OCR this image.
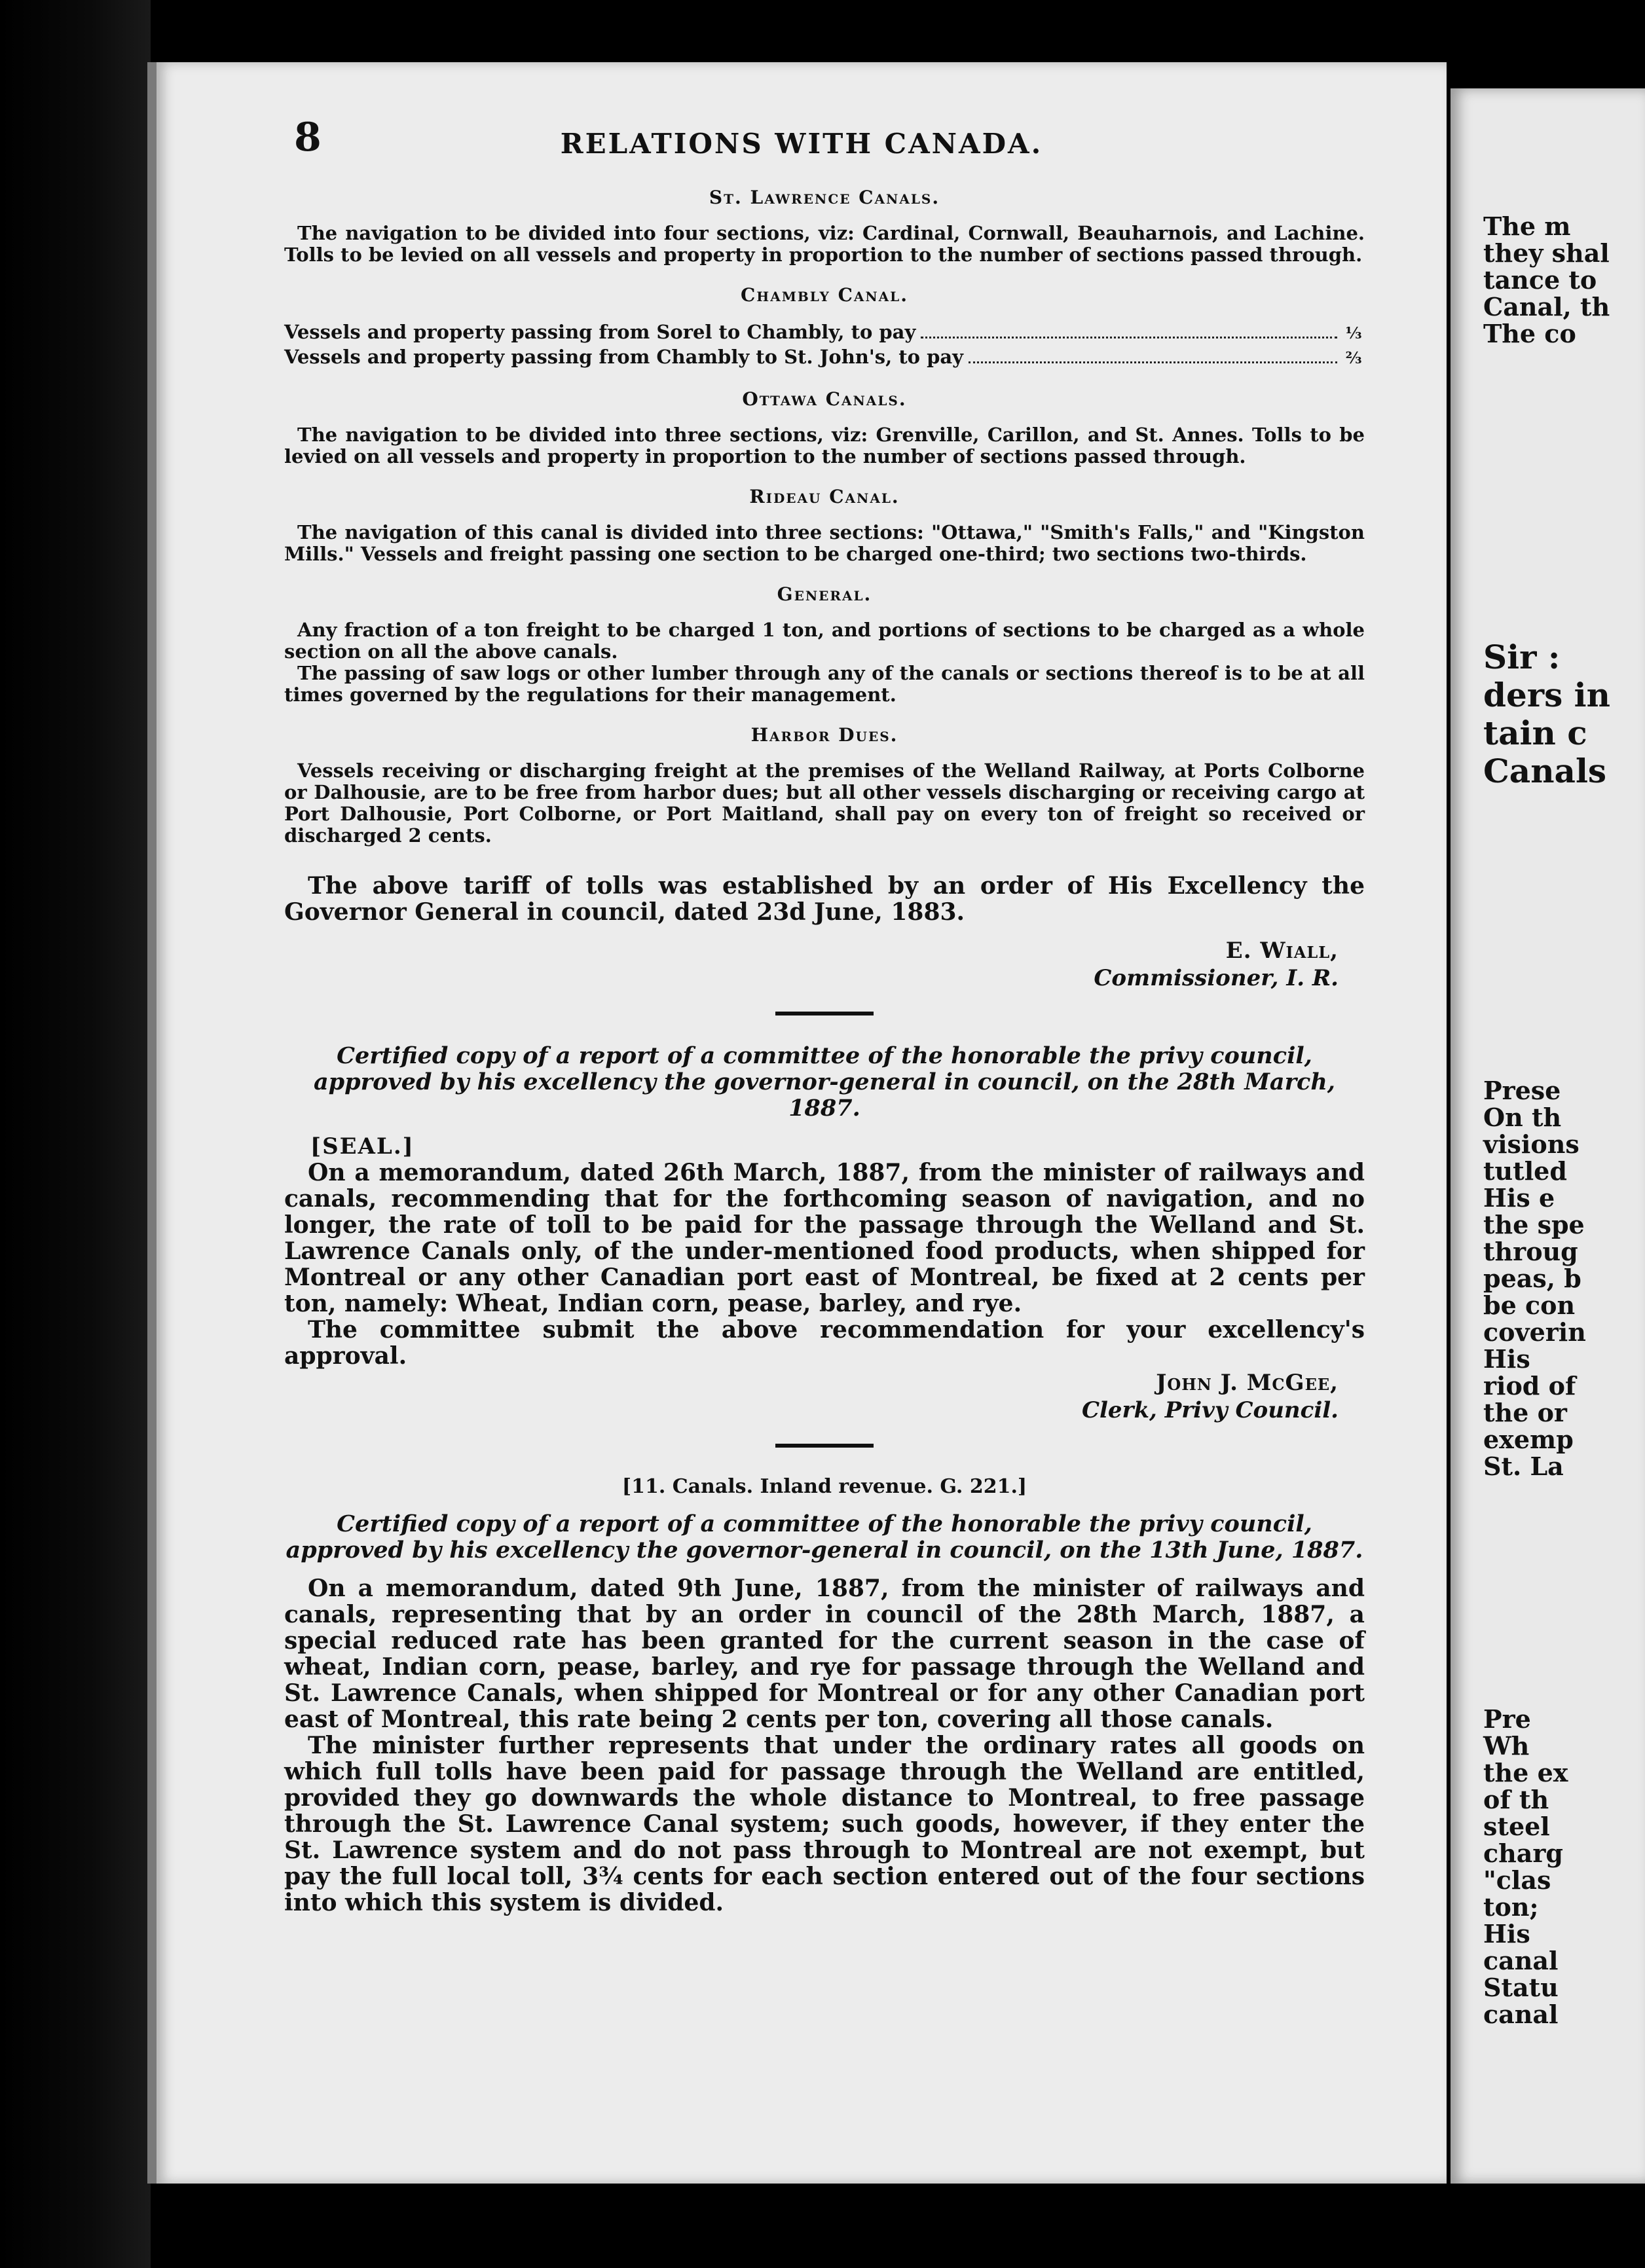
8	RELATIONS WITH CANADA.
St. Lawrence Canals.

The navigation to be divided into four sections, viz: Cardinal, Cornwall, Beauharnois, and Lachine. Tolls to be levied on all vessels and property in proportion to the number of sections passed through.

Chambly Canal.
Vessels and property passing from Sorel to Chambly, to pay	⅓
Vessels and property passing from Chambly to St. John's, to pay	⅔
Ottawa Canals.

The navigation to be divided into three sections, viz: Grenville, Carillon, and St. Annes. Tolls to be levied on all vessels and property in proportion to the number of sections passed through.

Rideau Canal.

The navigation of this canal is divided into three sections: "Ottawa," "Smith's Falls," and "Kingston Mills." Vessels and freight passing one section to be charged one-third; two sections two-thirds.

General.

Any fraction of a ton freight to be charged 1 ton, and portions of sections to be charged as a whole section on all the above canals.

The passing of saw logs or other lumber through any of the canals or sections thereof is to be at all times governed by the regulations for their management.

Harbor Dues.

Vessels receiving or discharging freight at the premises of the Welland Railway, at Ports Colborne or Dalhousie, are to be free from harbor dues; but all other vessels discharging or receiving cargo at Port Dalhousie, Port Colborne, or Port Maitland, shall pay on every ton of freight so received or discharged 2 cents.

The above tariff of tolls was established by an order of His Excellency the Governor General in council, dated 23d June, 1883.

E. Wiall,
Commissioner, I. R.

Certified copy of a report of a committee of the honorable the privy council, approved by his excellency the governor-general in council, on the 28th March, 1887.

[SEAL.]

On a memorandum, dated 26th March, 1887, from the minister of railways and canals, recommending that for the forthcoming season of navigation, and no longer, the rate of toll to be paid for the passage through the Welland and St. Lawrence Canals only, of the under-mentioned food products, when shipped for Montreal or any other Canadian port east of Montreal, be fixed at 2 cents per ton, namely: Wheat, Indian corn, pease, barley, and rye.

The committee submit the above recommendation for your excellency's approval.

John J. McGee,
Clerk, Privy Council.
[11. Canals. Inland revenue. G. 221.]

Certified copy of a report of a committee of the honorable the privy council, approved by his excellency the governor-general in council, on the 13th June, 1887.

On a memorandum, dated 9th June, 1887, from the minister of railways and canals, representing that by an order in council of the 28th March, 1887, a special reduced rate has been granted for the current season in the case of wheat, Indian corn, pease, barley, and rye for passage through the Welland and St. Lawrence Canals, when shipped for Montreal or for any other Canadian port east of Montreal, this rate being 2 cents per ton, covering all those canals.

The minister further represents that under the ordinary rates all goods on which full tolls have been paid for passage through the Welland are entitled, provided they go downwards the whole distance to Montreal, to free passage through the St. Lawrence Canal system; such goods, however, if they enter the St. Lawrence system and do not pass through to Montreal are not exempt, but pay the full local toll, 3¾ cents for each section entered out of the four sections into which this system is divided.

The m
they shal
tance to
Canal, th
The co
Sir :
ders in
tain c
Canals
Prese
On th
visions
tutled
His e
the spe
throug
peas, b
be con
coverin
His
riod of
the or
exemp
St. La
Pre
Wh
the ex
of th
steel
charg
"clas
ton;
His
canal
Statu
canal
